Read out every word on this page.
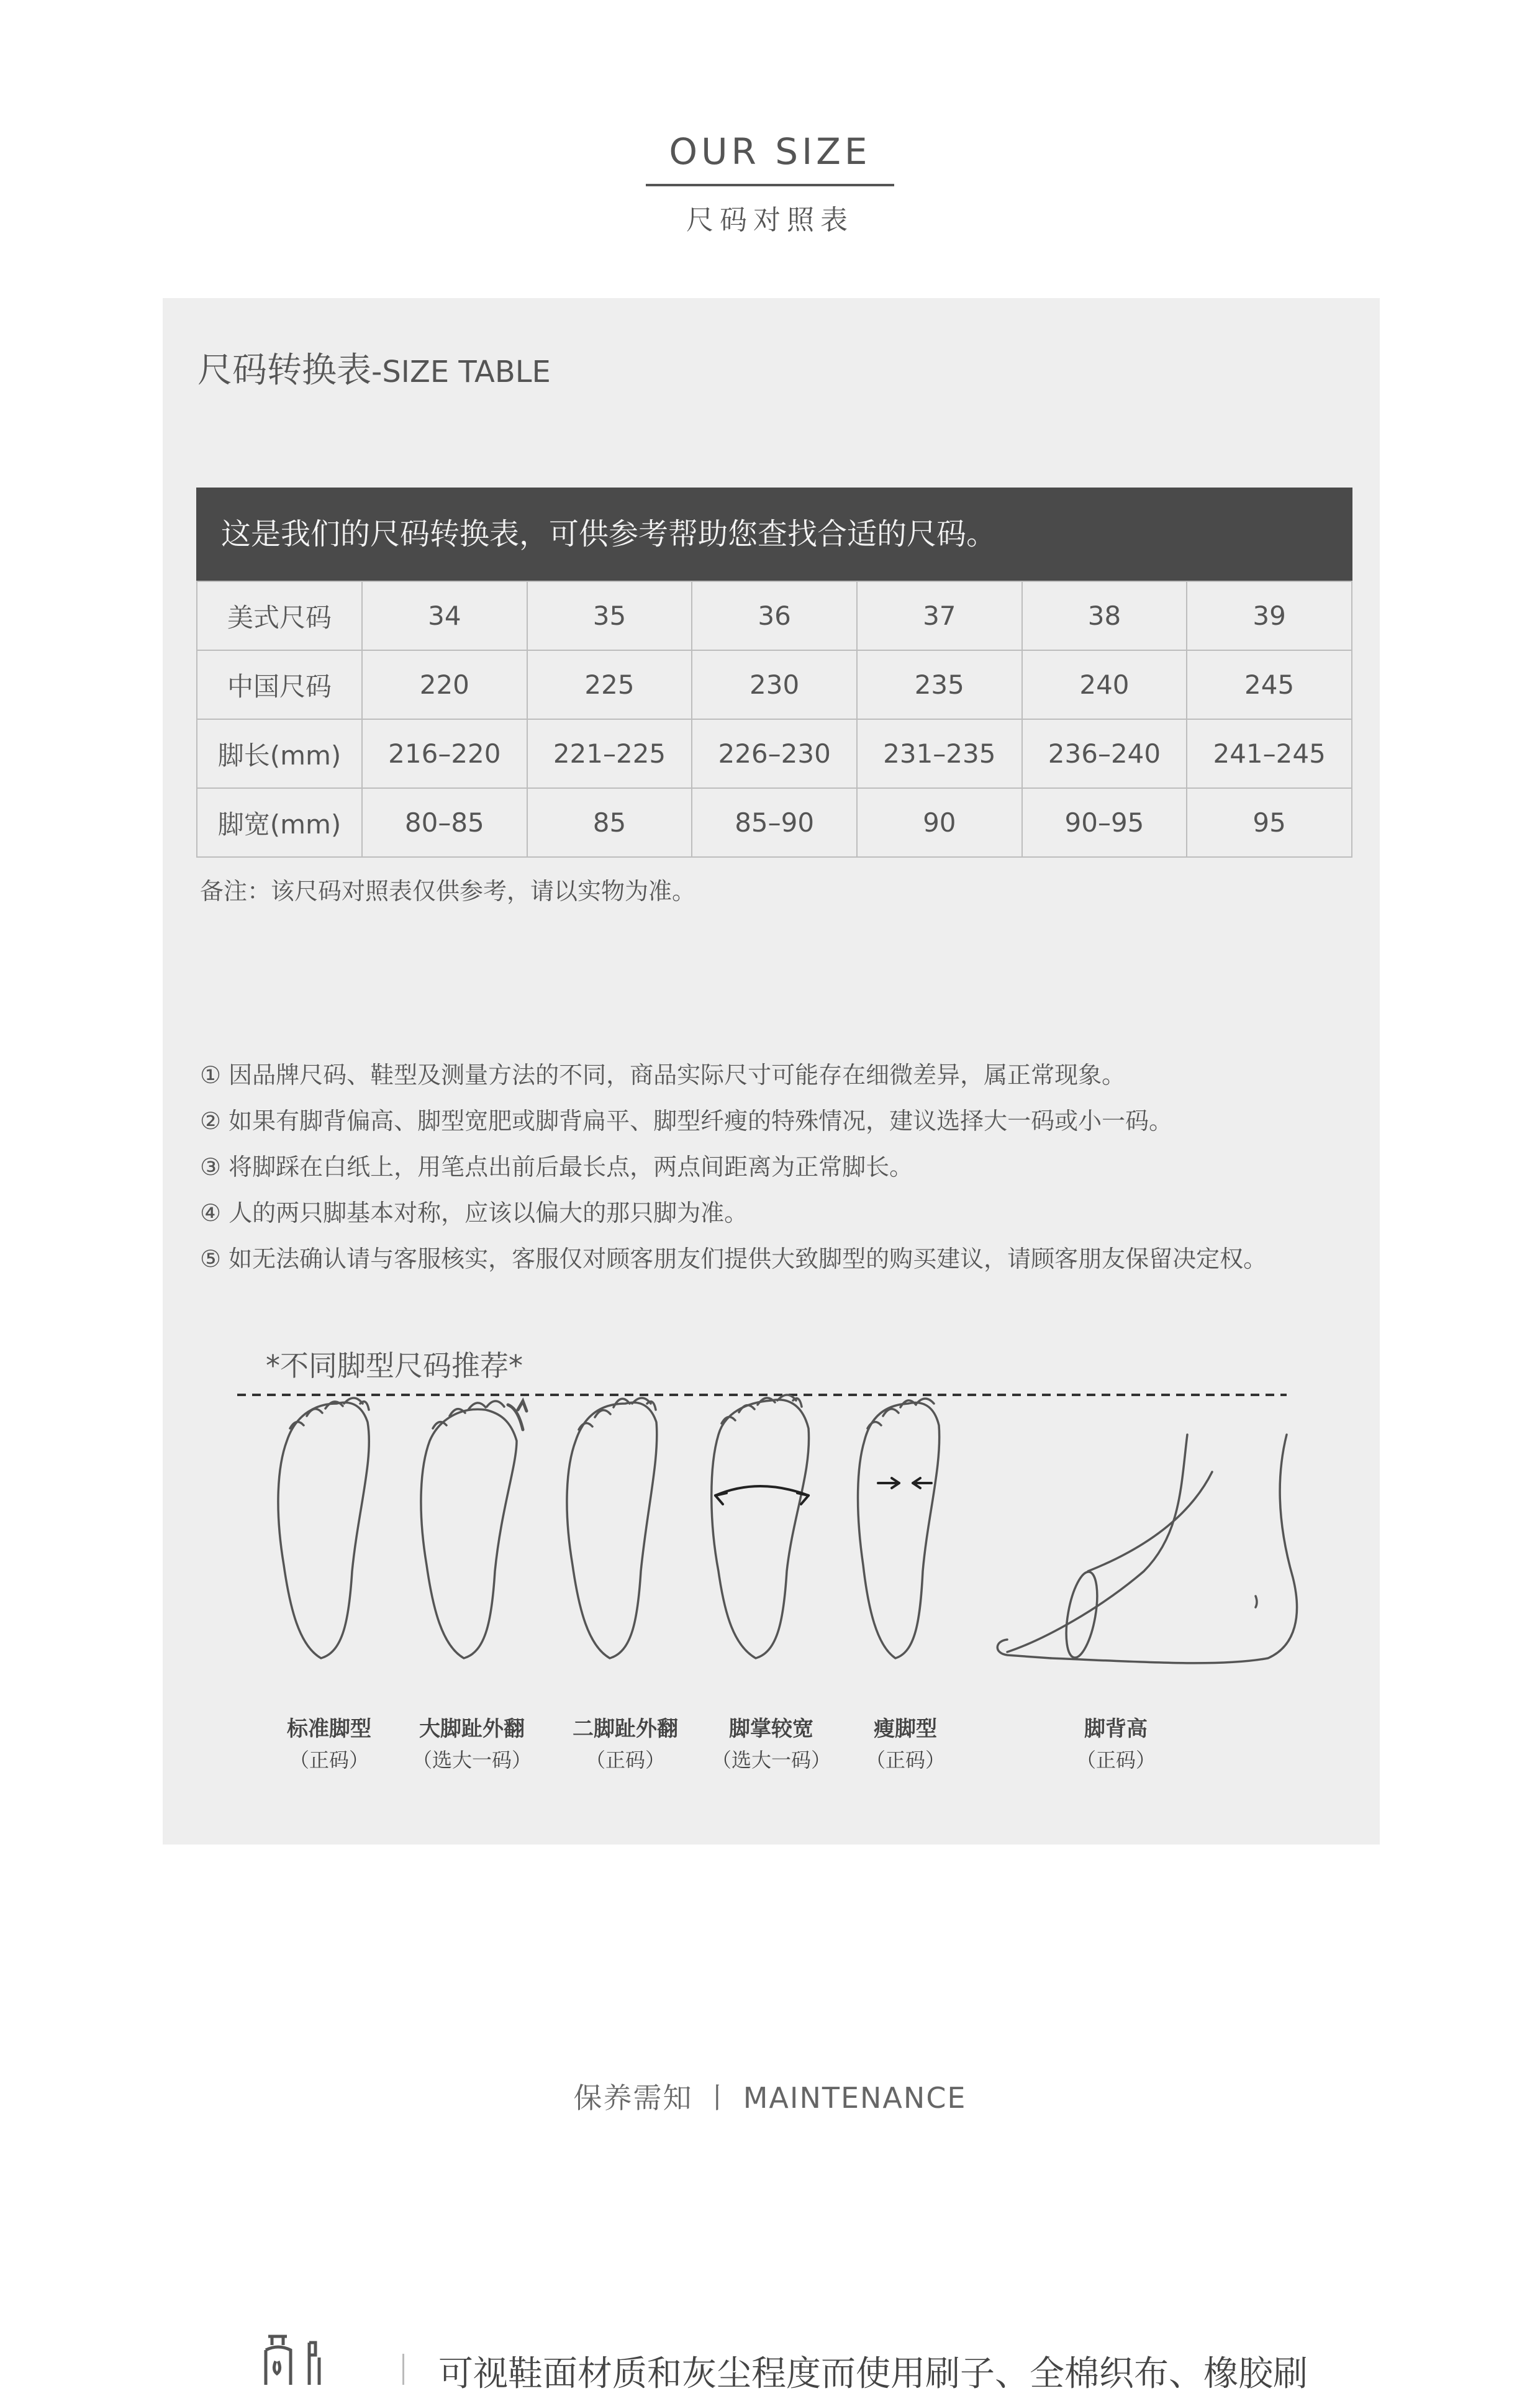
OUR SIZE
尺码对照表
尺码转换表-SIZE TABLE
这是我们的尺码转换表，可供参考帮助您查找合适的尺码。
美式尺码	34	35	36	37	38	39
中国尺码	220	225	230	235	240	245
脚长(mm)	216–220	221–225	226–230	231–235	236–240	241–245
脚宽(mm)	80–85	85	85–90	90	90–95	95
备注：该尺码对照表仅供参考，请以实物为准。
① 因品牌尺码、鞋型及测量方法的不同，商品实际尺寸可能存在细微差异，属正常现象。
② 如果有脚背偏高、脚型宽肥或脚背扁平、脚型纤瘦的特殊情况，建议选择大一码或小一码。
③ 将脚踩在白纸上，用笔点出前后最长点，两点间距离为正常脚长。
④ 人的两只脚基本对称，应该以偏大的那只脚为准。
⑤ 如无法确认请与客服核实，客服仅对顾客朋友们提供大致脚型的购买建议，请顾客朋友保留决定权。
*不同脚型尺码推荐*
标准脚型
（正码）
大脚趾外翻
（选大一码）
二脚趾外翻
（正码）
脚掌较宽
（选大一码）
瘦脚型
（正码）
脚背高
（正码）
保养需知 丨 MAINTENANCE
可视鞋面材质和灰尘程度而使用刷子、全棉织布、橡胶刷
